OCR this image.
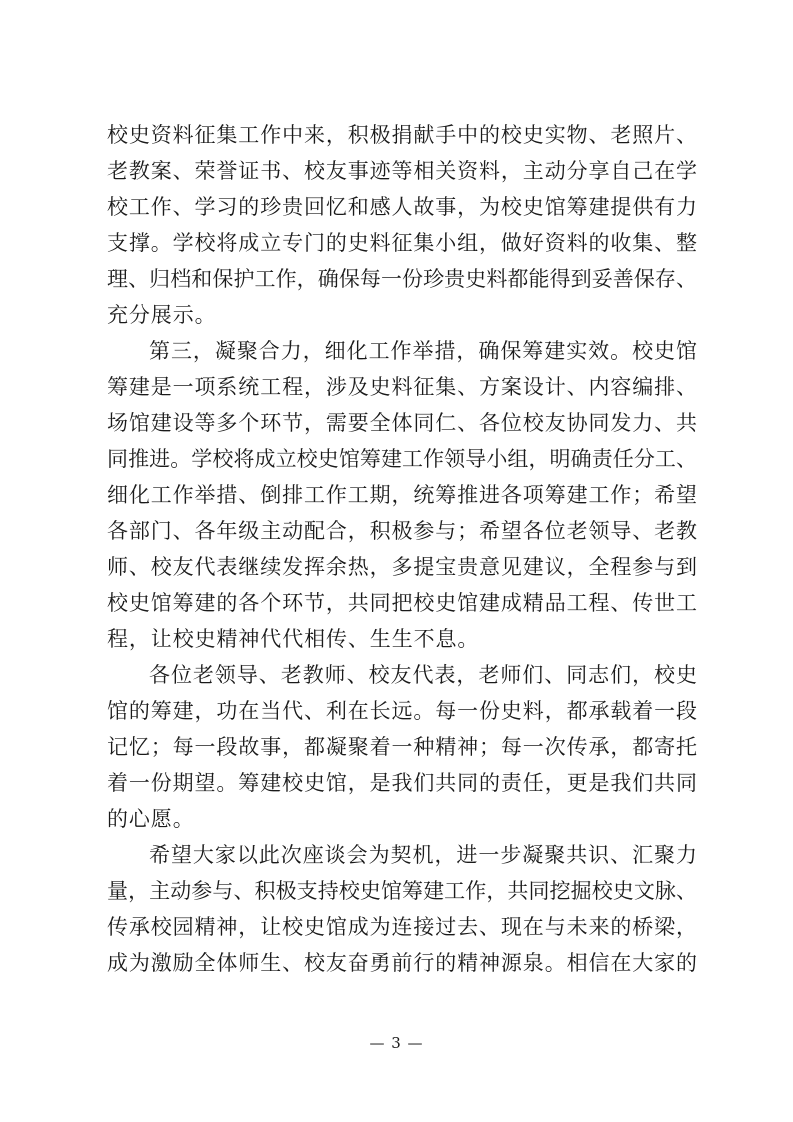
校史资料征集工作中来，积极捐献手中的校史实物、老照片、
老教案、荣誉证书、校友事迹等相关资料，主动分享自己在学
校工作、学习的珍贵回忆和感人故事，为校史馆筹建提供有力
支撑。学校将成立专门的史料征集小组，做好资料的收集、整
理、归档和保护工作，确保每一份珍贵史料都能得到妥善保存、
充分展示。
第三，凝聚合力，细化工作举措，确保筹建实效。校史馆
筹建是一项系统工程，涉及史料征集、方案设计、内容编排、
场馆建设等多个环节，需要全体同仁、各位校友协同发力、共
同推进。学校将成立校史馆筹建工作领导小组，明确责任分工、
细化工作举措、倒排工作工期，统筹推进各项筹建工作；希望
各部门、各年级主动配合，积极参与；希望各位老领导、老教
师、校友代表继续发挥余热，多提宝贵意见建议，全程参与到
校史馆筹建的各个环节，共同把校史馆建成精品工程、传世工
程，让校史精神代代相传、生生不息。
各位老领导、老教师、校友代表，老师们、同志们，校史
馆的筹建，功在当代、利在长远。每一份史料，都承载着一段
记忆；每一段故事，都凝聚着一种精神；每一次传承，都寄托
着一份期望。筹建校史馆，是我们共同的责任，更是我们共同
的心愿。
希望大家以此次座谈会为契机，进一步凝聚共识、汇聚力
量，主动参与、积极支持校史馆筹建工作，共同挖掘校史文脉、
传承校园精神，让校史馆成为连接过去、现在与未来的桥梁，
成为激励全体师生、校友奋勇前行的精神源泉。相信在大家的
— 3 —
